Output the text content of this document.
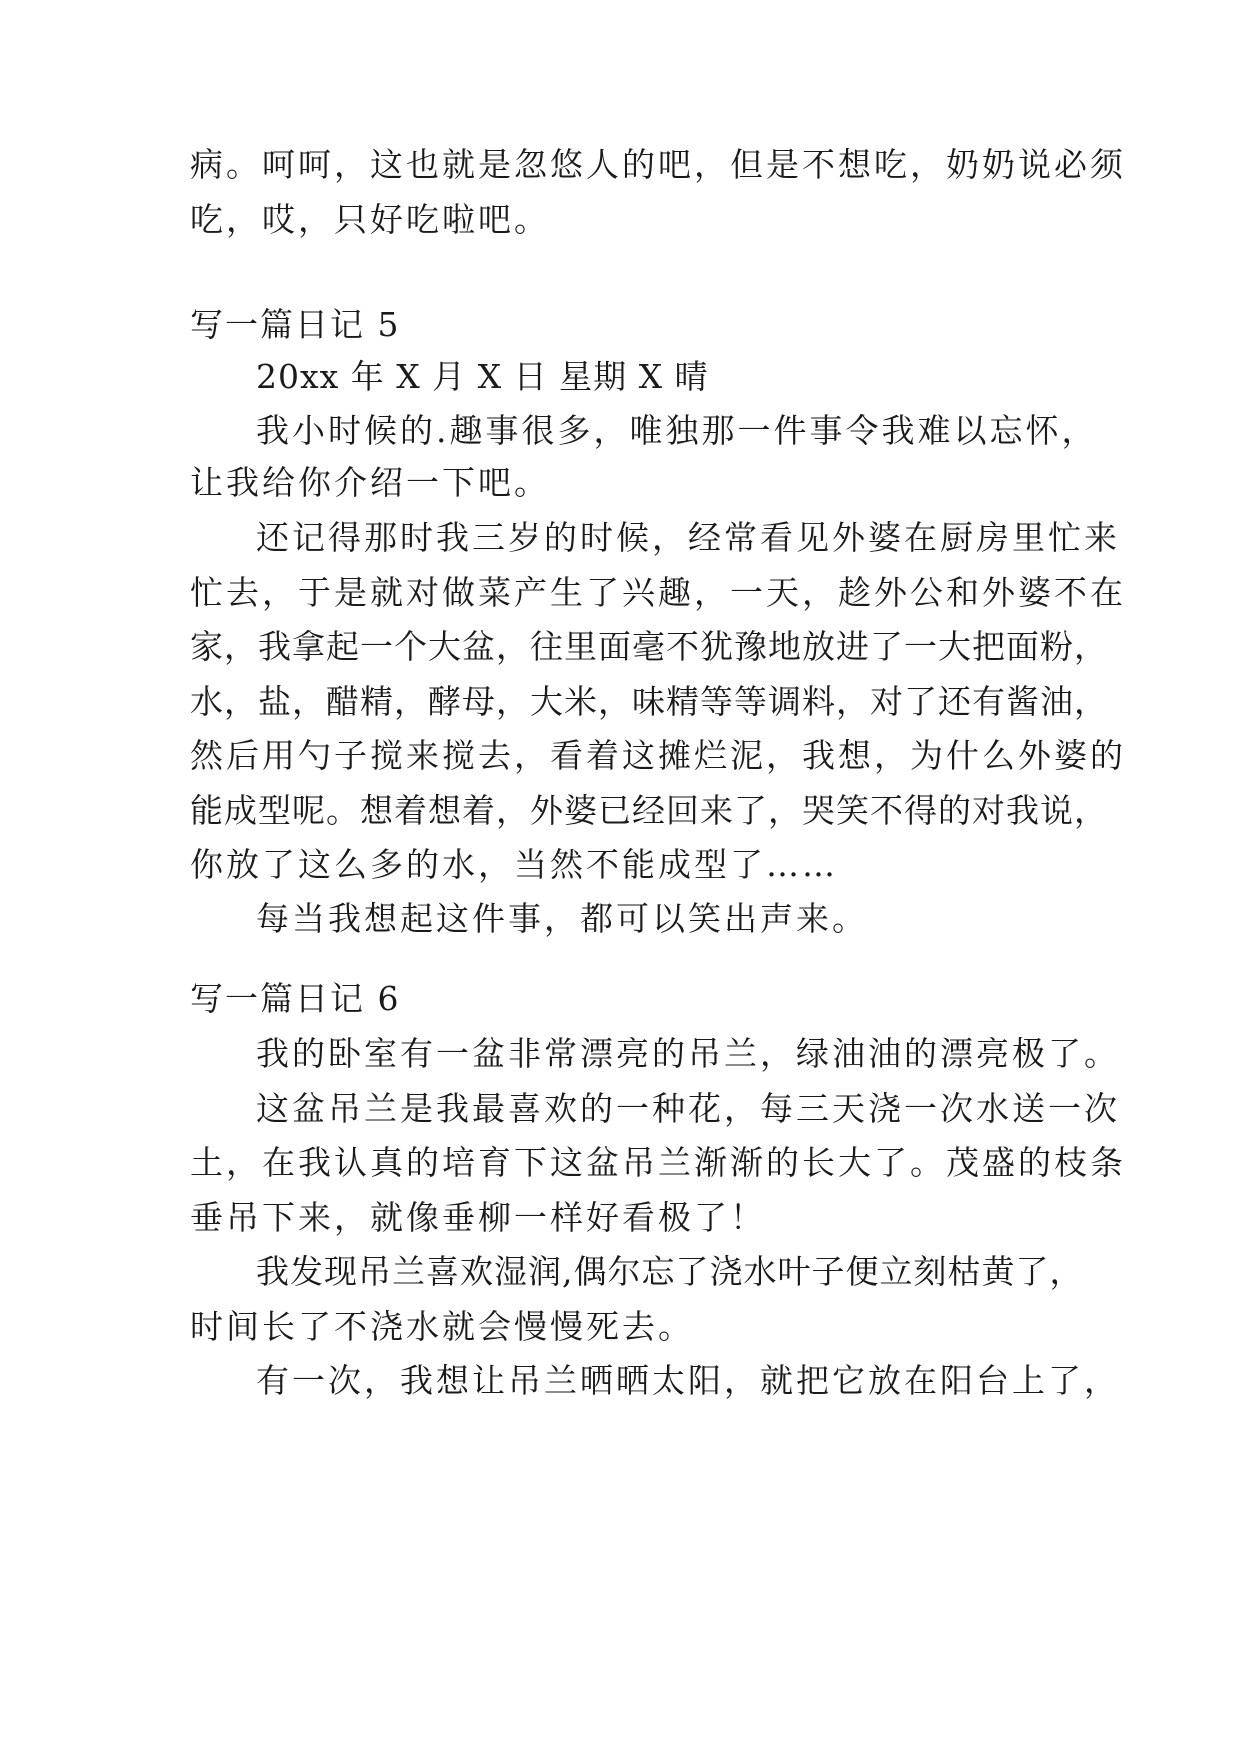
病。呵呵，这也就是忽悠人的吧，但是不想吃，奶奶说必须
吃，哎，只好吃啦吧。
写一篇日记 5
20xx 年 X 月 X 日 星期 X 晴
我小时候的.趣事很多，唯独那一件事令我难以忘怀，
让我给你介绍一下吧。
还记得那时我三岁的时候，经常看见外婆在厨房里忙来
忙去，于是就对做菜产生了兴趣，一天，趁外公和外婆不在
家，我拿起一个大盆，往里面毫不犹豫地放进了一大把面粉，
水，盐，醋精，酵母，大米，味精等等调料，对了还有酱油，
然后用勺子搅来搅去，看着这摊烂泥，我想，为什么外婆的
能成型呢。想着想着，外婆已经回来了，哭笑不得的对我说，
你放了这么多的水，当然不能成型了……
每当我想起这件事，都可以笑出声来。
写一篇日记 6
我的卧室有一盆非常漂亮的吊兰，绿油油的漂亮极了。
这盆吊兰是我最喜欢的一种花，每三天浇一次水送一次
土，在我认真的培育下这盆吊兰渐渐的长大了。茂盛的枝条
垂吊下来，就像垂柳一样好看极了！
我发现吊兰喜欢湿润,偶尔忘了浇水叶子便立刻枯黄了，
时间长了不浇水就会慢慢死去。
有一次，我想让吊兰晒晒太阳，就把它放在阳台上了，
